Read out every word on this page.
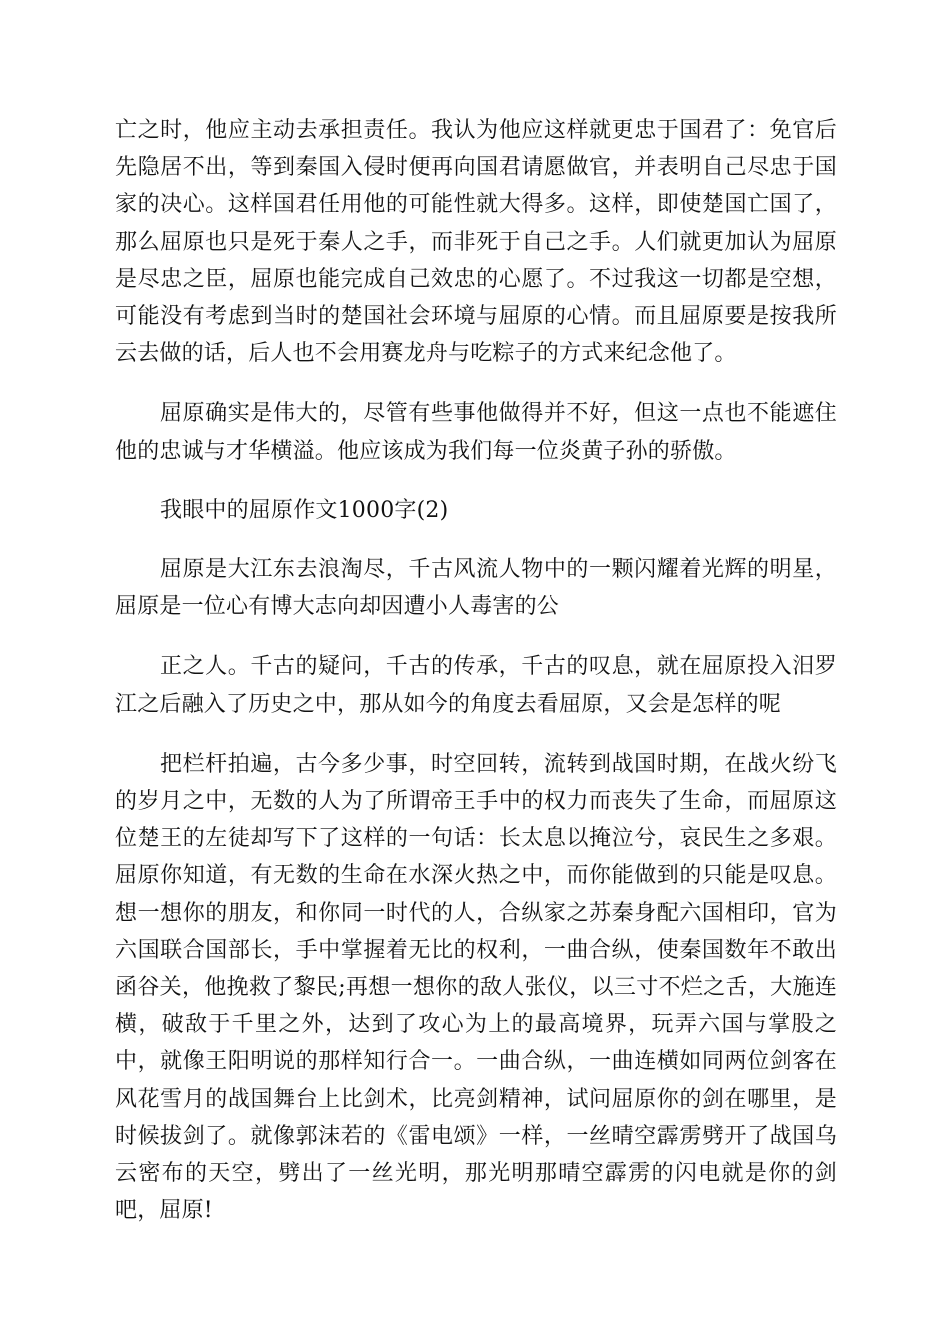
亡之时，他应主动去承担责任。我认为他应这样就更忠于国君了：免官后先隐居不出，等到秦国入侵时便再向国君请愿做官，并表明自己尽忠于国家的决心。这样国君任用他的可能性就大得多。这样，即使楚国亡国了，那么屈原也只是死于秦人之手，而非死于自己之手。人们就更加认为屈原是尽忠之臣，屈原也能完成自己效忠的心愿了。不过我这一切都是空想，可能没有考虑到当时的楚国社会环境与屈原的心情。而且屈原要是按我所云去做的话，后人也不会用赛龙舟与吃粽子的方式来纪念他了。

屈原确实是伟大的，尽管有些事他做得并不好，但这一点也不能遮住他的忠诚与才华横溢。他应该成为我们每一位炎黄子孙的骄傲。

我眼中的屈原作文1000字(2)

屈原是大江东去浪淘尽，千古风流人物中的一颗闪耀着光辉的明星，屈原是一位心有博大志向却因遭小人毒害的公

正之人。千古的疑问，千古的传承，千古的叹息，就在屈原投入汨罗江之后融入了历史之中，那从如今的角度去看屈原，又会是怎样的呢

把栏杆拍遍，古今多少事，时空回转，流转到战国时期，在战火纷飞的岁月之中，无数的人为了所谓帝王手中的权力而丧失了生命，而屈原这位楚王的左徒却写下了这样的一句话：长太息以掩泣兮，哀民生之多艰。屈原你知道，有无数的生命在水深火热之中，而你能做到的只能是叹息。想一想你的朋友，和你同一时代的人，合纵家之苏秦身配六国相印，官为六国联合国部长，手中掌握着无比的权利，一曲合纵，使秦国数年不敢出函谷关，他挽救了黎民;再想一想你的敌人张仪，以三寸不烂之舌，大施连横，破敌于千里之外，达到了攻心为上的最高境界，玩弄六国与掌股之中，就像王阳明说的那样知行合一。一曲合纵，一曲连横如同两位剑客在风花雪月的战国舞台上比剑术，比亮剑精神，试问屈原你的剑在哪里，是时候拔剑了。就像郭沫若的《雷电颂》一样，一丝晴空霹雳劈开了战国乌云密布的天空，劈出了一丝光明，那光明那晴空霹雳的闪电就是你的剑吧，屈原!
